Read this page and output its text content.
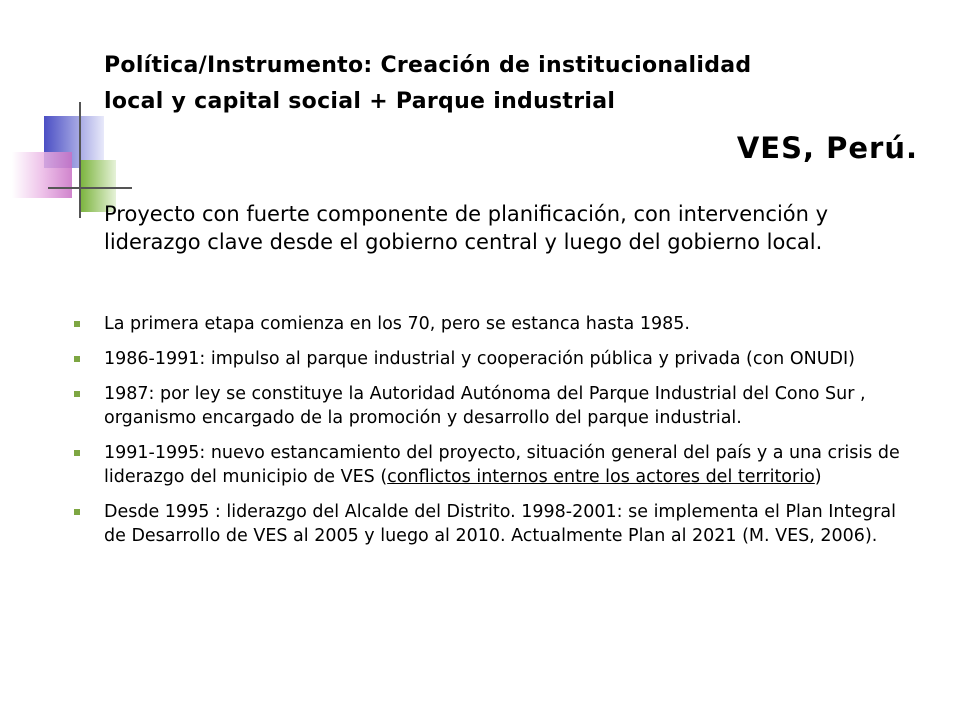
Política/Instrumento: Creación de institucionalidad
local y capital social + Parque industrial
VES, Perú.

Proyecto con fuerte componente de planificación, con intervención y liderazgo clave desde el gobierno central y luego del gobierno local.

La primera etapa comienza en los 70, pero se estanca hasta 1985.
1986-1991: impulso al parque industrial y cooperación pública y privada (con ONUDI)
1987: por ley se constituye la Autoridad Autónoma del Parque Industrial del Cono Sur , organismo encargado de la promoción y desarrollo del parque industrial.
1991-1995: nuevo estancamiento del proyecto, situación general del país y a una crisis de liderazgo del municipio de VES (conflictos internos entre los actores del territorio)
Desde 1995 : liderazgo del Alcalde del Distrito. 1998-2001: se implementa el Plan Integral de Desarrollo de VES al 2005 y luego al 2010. Actualmente Plan al 2021 (M. VES, 2006).
